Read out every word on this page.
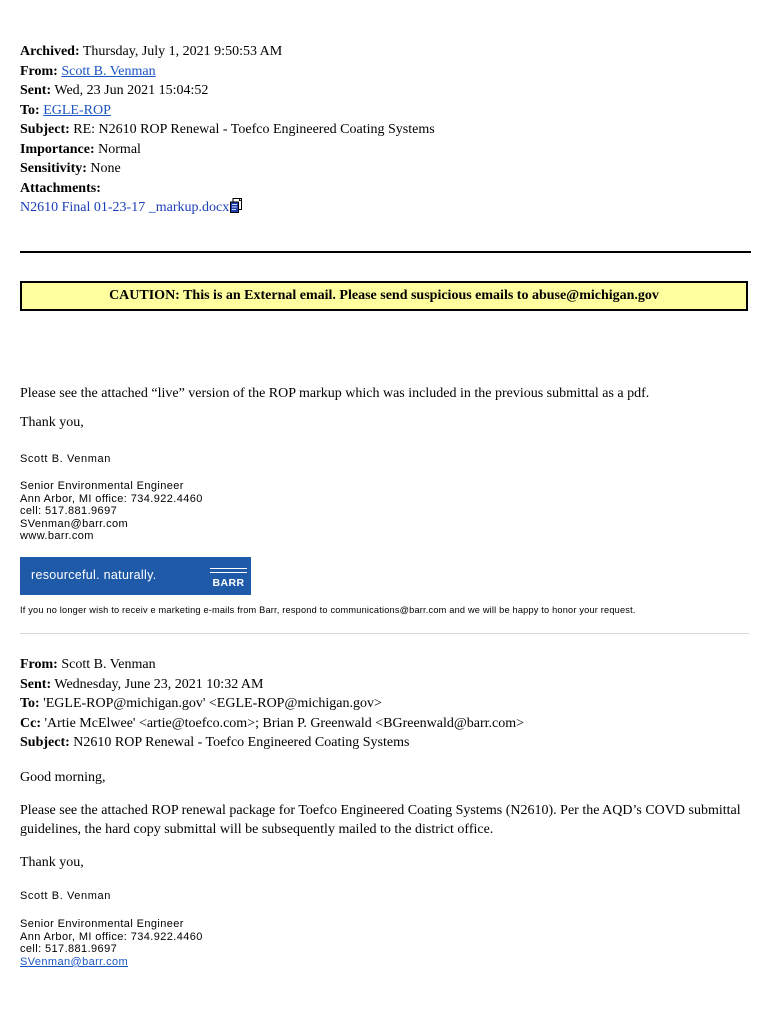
Archived: Thursday, July 1, 2021 9:50:53 AM
From: Scott B. Venman
Sent: Wed, 23 Jun 2021 15:04:52
To: EGLE-ROP
Subject: RE: N2610 ROP Renewal - Toefco Engineered Coating Systems
Importance: Normal
Sensitivity: None
Attachments:
N2610 Final 01-23-17 _markup.docx
CAUTION: This is an External email. Please send suspicious emails to abuse@michigan.gov
Please see the attached “live” version of the ROP markup which was included in the previous submittal as a pdf.
Thank you,
Scott B. Venman
Senior Environmental Engineer
Ann Arbor, MI office: 734.922.4460
cell: 517.881.9697
SVenman@barr.com
www.barr.com
resourceful. naturally.
BARR
If you no longer wish to receiv e marketing e-mails from Barr, respond to communications@barr.com and we will be happy to honor your request.
From: Scott B. Venman
Sent: Wednesday, June 23, 2021 10:32 AM
To: 'EGLE-ROP@michigan.gov' <EGLE-ROP@michigan.gov>
Cc: 'Artie McElwee' <artie@toefco.com>; Brian P. Greenwald <BGreenwald@barr.com>
Subject: N2610 ROP Renewal - Toefco Engineered Coating Systems
Good morning,
Please see the attached ROP renewal package for Toefco Engineered Coating Systems (N2610). Per the AQD’s COVD submittal guidelines, the hard copy submittal will be subsequently mailed to the district office.
Thank you,
Scott B. Venman
Senior Environmental Engineer
Ann Arbor, MI office: 734.922.4460
cell: 517.881.9697
SVenman@barr.com
